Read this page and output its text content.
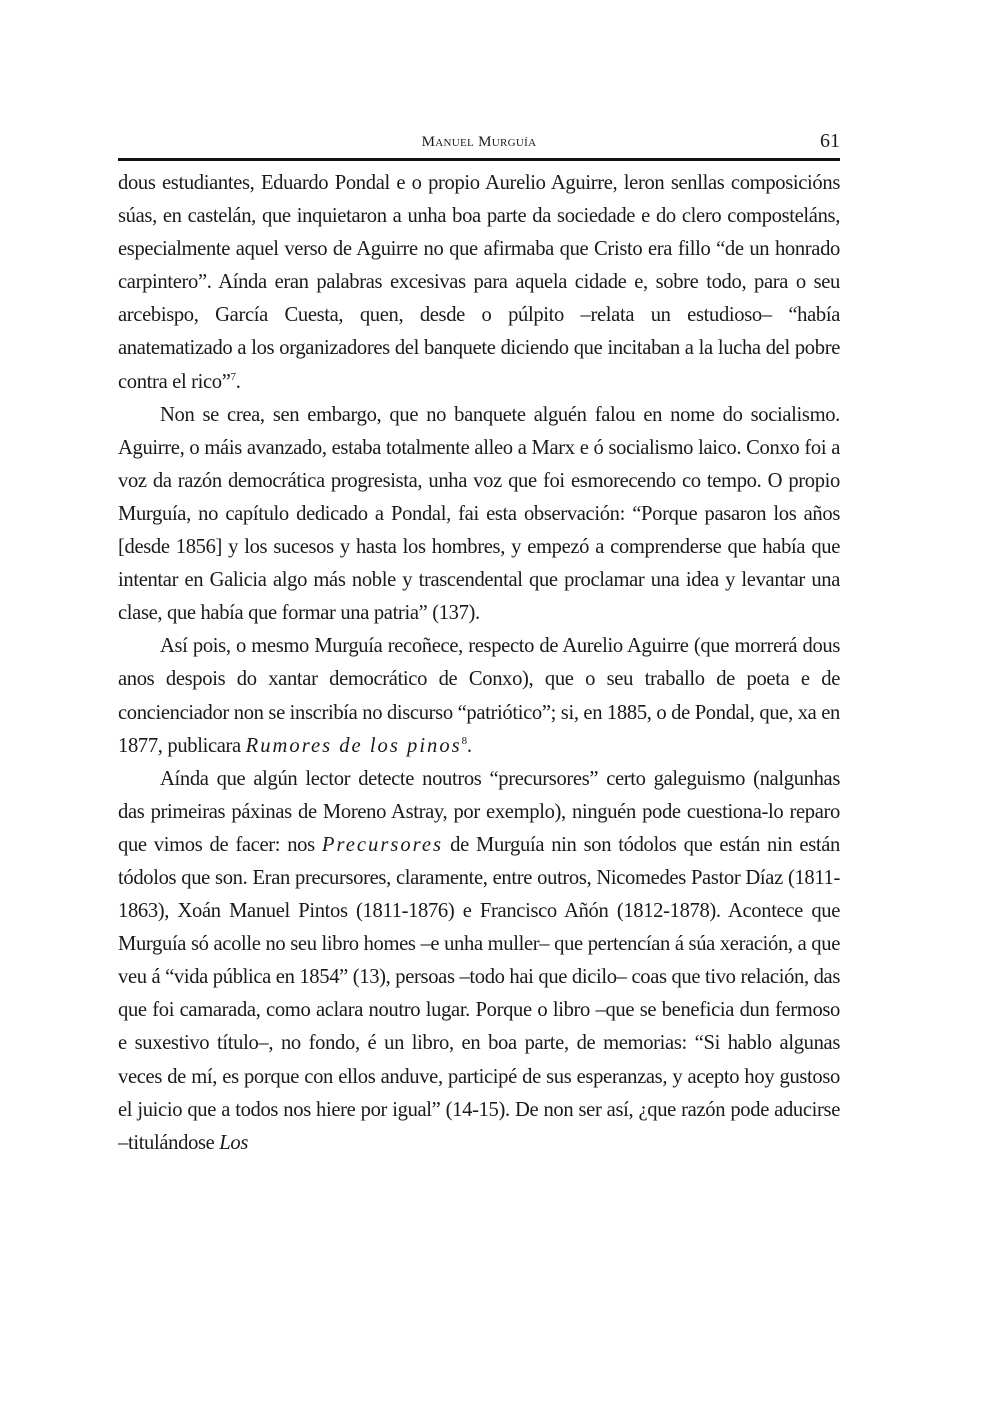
Manuel Murguía	61

dous estudiantes, Eduardo Pondal e o propio Aurelio Aguirre, leron senllas composicións súas, en castelán, que inquietaron a unha boa parte da sociedade e do clero composteláns, especialmente aquel verso de Aguirre no que afirmaba que Cristo era fillo “de un honrado carpintero”. Aínda eran palabras excesivas para aquela cidade e, sobre todo, para o seu arcebispo, García Cuesta, quen, desde o púlpito –relata un estudioso– “había anatematizado a los organizadores del banquete diciendo que incitaban a la lucha del pobre contra el rico”$^7$.

Non se crea, sen embargo, que no banquete alguén falou en nome do socialismo. Aguirre, o máis avanzado, estaba totalmente alleo a Marx e ó socialismo laico. Conxo foi a voz da razón democrática progresista, unha voz que foi esmorecendo co tempo. O propio Murguía, no capítulo dedicado a Pondal, fai esta observación: “Porque pasaron los años [desde 1856] y los sucesos y hasta los hombres, y empezó a comprenderse que había que intentar en Galicia algo más noble y trascendental que proclamar una idea y levantar una clase, que había que formar una patria” (137).

Así pois, o mesmo Murguía recoñece, respecto de Aurelio Aguirre (que morrerá dous anos despois do xantar democrático de Conxo), que o seu traballo de poeta e de concienciador non se inscribía no discurso “patriótico”; si, en 1885, o de Pondal, que, xa en 1877, publicara Rumores de los pinos$^8$.

Aínda que algún lector detecte noutros “precursores” certo galeguismo (nalgunhas das primeiras páxinas de Moreno Astray, por exemplo), ninguén pode cuestiona-lo reparo que vimos de facer: nos Precursores de Murguía nin son tódolos que están nin están tódolos que son. Eran precursores, claramente, entre outros, Nicomedes Pastor Díaz (1811-1863), Xoán Manuel Pintos (1811-1876) e Francisco Añón (1812-1878). Acontece que Murguía só acolle no seu libro homes –e unha muller– que pertencían á súa xeración, a que veu á “vida pública en 1854” (13), persoas –todo hai que dicilo– coas que tivo relación, das que foi camarada, como aclara noutro lugar. Porque o libro –que se beneficia dun fermoso e suxestivo título–, no fondo, é un libro, en boa parte, de memorias: “Si hablo algunas veces de mí, es porque con ellos anduve, participé de sus esperanzas, y acepto hoy gustoso el juicio que a todos nos hiere por igual” (14-15). De non ser así, ¿que razón pode aducirse –titulándose Los
